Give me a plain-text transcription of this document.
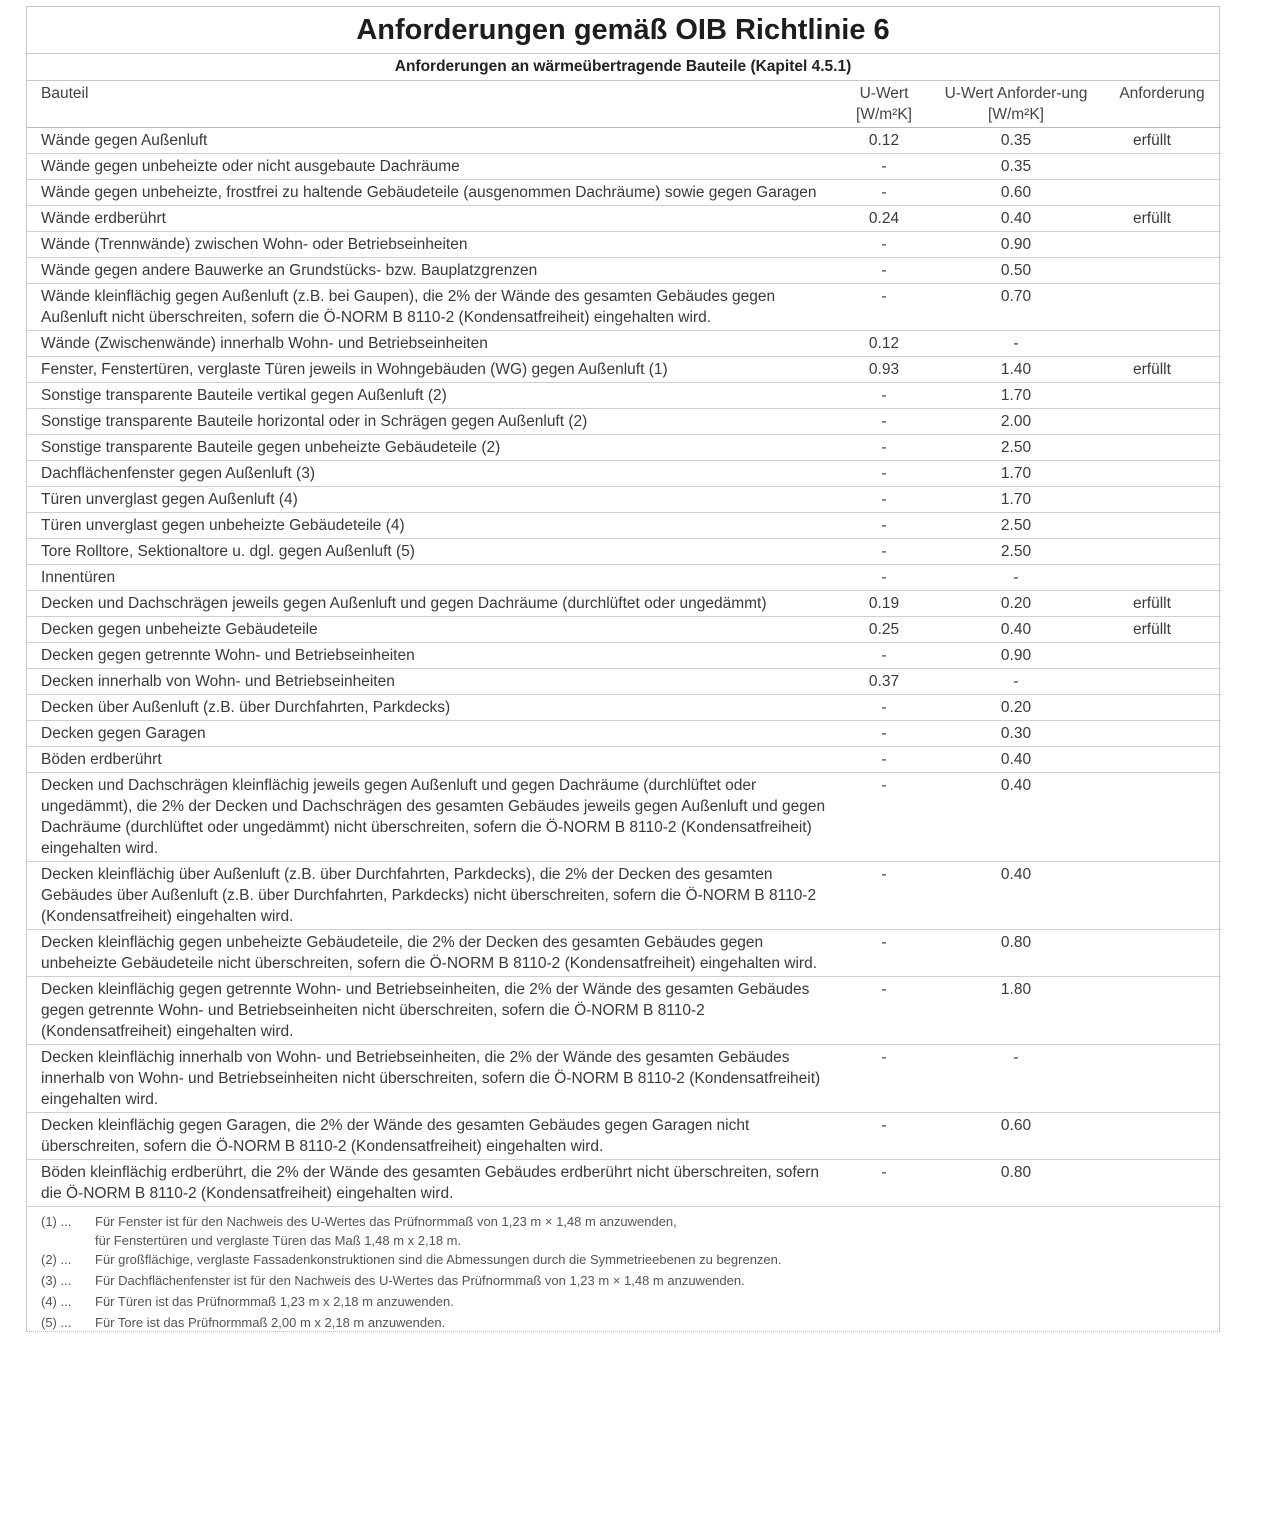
Anforderungen gemäß OIB Richtlinie 6
Anforderungen an wärmeübertragende Bauteile (Kapitel 4.5.1)
Bauteil	U-Wert [W/m²K]	U-Wert Anforder-ung [W/m²K]	Anforderung
Wände gegen Außenluft	0.12	0.35	erfüllt
Wände gegen unbeheizte oder nicht ausgebaute Dachräume	-	0.35	
Wände gegen unbeheizte, frostfrei zu haltende Gebäudeteile (ausgenommen Dachräume) sowie gegen Garagen	-	0.60	
Wände erdberührt	0.24	0.40	erfüllt
Wände (Trennwände) zwischen Wohn- oder Betriebseinheiten	-	0.90	
Wände gegen andere Bauwerke an Grundstücks- bzw. Bauplatzgrenzen	-	0.50	
Wände kleinflächig gegen Außenluft (z.B. bei Gaupen), die 2% der Wände des gesamten Gebäudes gegen Außenluft nicht überschreiten, sofern die Ö-NORM B 8110-2 (Kondensatfreiheit) eingehalten wird.	-	0.70	
Wände (Zwischenwände) innerhalb Wohn- und Betriebseinheiten	0.12	-	
Fenster, Fenstertüren, verglaste Türen jeweils in Wohngebäuden (WG) gegen Außenluft (1)	0.93	1.40	erfüllt
Sonstige transparente Bauteile vertikal gegen Außenluft (2)	-	1.70	
Sonstige transparente Bauteile horizontal oder in Schrägen gegen Außenluft (2)	-	2.00	
Sonstige transparente Bauteile gegen unbeheizte Gebäudeteile (2)	-	2.50	
Dachflächenfenster gegen Außenluft (3)	-	1.70	
Türen unverglast gegen Außenluft (4)	-	1.70	
Türen unverglast gegen unbeheizte Gebäudeteile (4)	-	2.50	
Tore Rolltore, Sektionaltore u. dgl. gegen Außenluft (5)	-	2.50	
Innentüren	-	-	
Decken und Dachschrägen jeweils gegen Außenluft und gegen Dachräume (durchlüftet oder ungedämmt)	0.19	0.20	erfüllt
Decken gegen unbeheizte Gebäudeteile	0.25	0.40	erfüllt
Decken gegen getrennte Wohn- und Betriebseinheiten	-	0.90	
Decken innerhalb von Wohn- und Betriebseinheiten	0.37	-	
Decken über Außenluft (z.B. über Durchfahrten, Parkdecks)	-	0.20	
Decken gegen Garagen	-	0.30	
Böden erdberührt	-	0.40	
Decken und Dachschrägen kleinflächig jeweils gegen Außenluft und gegen Dachräume (durchlüftet oder ungedämmt), die 2% der Decken und Dachschrägen des gesamten Gebäudes jeweils gegen Außenluft und gegen Dachräume (durchlüftet oder ungedämmt) nicht überschreiten, sofern die Ö-NORM B 8110-2 (Kondensatfreiheit) eingehalten wird.	-	0.40	
Decken kleinflächig über Außenluft (z.B. über Durchfahrten, Parkdecks), die 2% der Decken des gesamten Gebäudes über Außenluft (z.B. über Durchfahrten, Parkdecks) nicht überschreiten, sofern die Ö-NORM B 8110-2 (Kondensatfreiheit) eingehalten wird.	-	0.40	
Decken kleinflächig gegen unbeheizte Gebäudeteile, die 2% der Decken des gesamten Gebäudes gegen unbeheizte Gebäudeteile nicht überschreiten, sofern die Ö-NORM B 8110-2 (Kondensatfreiheit) eingehalten wird.	-	0.80	
Decken kleinflächig gegen getrennte Wohn- und Betriebseinheiten, die 2% der Wände des gesamten Gebäudes gegen getrennte Wohn- und Betriebseinheiten nicht überschreiten, sofern die Ö-NORM B 8110-2 (Kondensatfreiheit) eingehalten wird.	-	1.80	
Decken kleinflächig innerhalb von Wohn- und Betriebseinheiten, die 2% der Wände des gesamten Gebäudes innerhalb von Wohn- und Betriebseinheiten nicht überschreiten, sofern die Ö-NORM B 8110-2 (Kondensatfreiheit) eingehalten wird.	-	-	
Decken kleinflächig gegen Garagen, die 2% der Wände des gesamten Gebäudes gegen Garagen nicht überschreiten, sofern die Ö-NORM B 8110-2 (Kondensatfreiheit) eingehalten wird.	-	0.60	
Böden kleinflächig erdberührt, die 2% der Wände des gesamten Gebäudes erdberührt nicht überschreiten, sofern die Ö-NORM B 8110-2 (Kondensatfreiheit) eingehalten wird.	-	0.80	
(1) ...	Für Fenster ist für den Nachweis des U-Wertes das Prüfnormmaß von 1,23 m × 1,48 m anzuwenden,
für Fenstertüren und verglaste Türen das Maß 1,48 m x 2,18 m.
(2) ...	Für großflächige, verglaste Fassadenkonstruktionen sind die Abmessungen durch die Symmetrieebenen zu begrenzen.
(3) ...	Für Dachflächenfenster ist für den Nachweis des U-Wertes das Prüfnormmaß von 1,23 m × 1,48 m anzuwenden.
(4) ...	Für Türen ist das Prüfnormmaß 1,23 m x 2,18 m anzuwenden.
(5) ...	Für Tore ist das Prüfnormmaß 2,00 m x 2,18 m anzuwenden.
